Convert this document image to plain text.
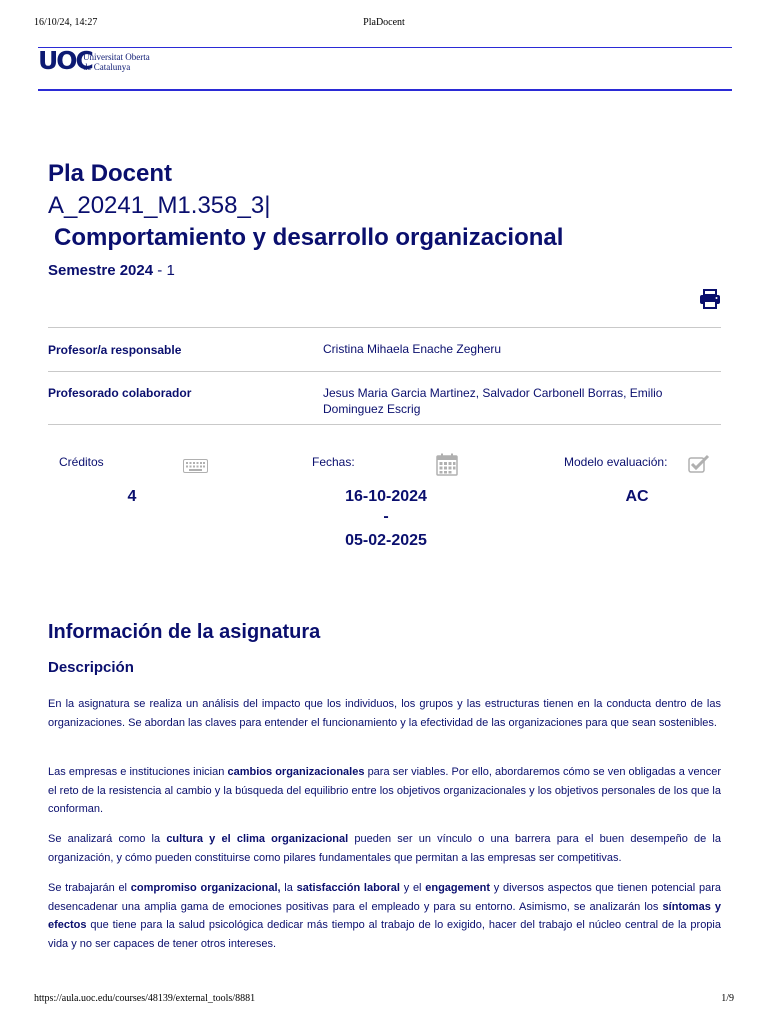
16/10/24, 14:27	PlaDocent
UOC
Universitat Oberta
de Catalunya
Pla Docent
A_20241_M1.358_3|
Comportamiento y desarrollo organizacional
Semestre 2024 - 1
Profesor/a responsable	Cristina Mihaela Enache Zegheru
Profesorado colaborador	Jesus Maria Garcia Martinez, Salvador Carbonell Borras, Emilio Dominguez Escrig
Créditos
4
Fechas:
16-10-2024
-
05-02-2025
Modelo evaluación:
AC
Información de la asignatura
Descripción
En la asignatura se realiza un análisis del impacto que los individuos, los grupos y las estructuras tienen en la conducta dentro de las organizaciones. Se abordan las claves para entender el funcionamiento y la efectividad de las organizaciones para que sean sostenibles.
Las empresas e instituciones inician cambios organizacionales para ser viables. Por ello, abordaremos cómo se ven obligadas a vencer el reto de la resistencia al cambio y la búsqueda del equilibrio entre los objetivos organizacionales y los objetivos personales de los que la conforman.
Se analizará como la cultura y el clima organizacional pueden ser un vínculo o una barrera para el buen desempeño de la organización, y cómo pueden constituirse como pilares fundamentales que permitan a las empresas ser competitivas.
Se trabajarán el compromiso organizacional, la satisfacción laboral y el engagement y diversos aspectos que tienen potencial para desencadenar una amplia gama de emociones positivas para el empleado y para su entorno. Asimismo, se analizarán los síntomas y efectos que tiene para la salud psicológica dedicar más tiempo al trabajo de lo exigido, hacer del trabajo el núcleo central de la propia vida y no ser capaces de tener otros intereses.
https://aula.uoc.edu/courses/48139/external_tools/8881	1/9
